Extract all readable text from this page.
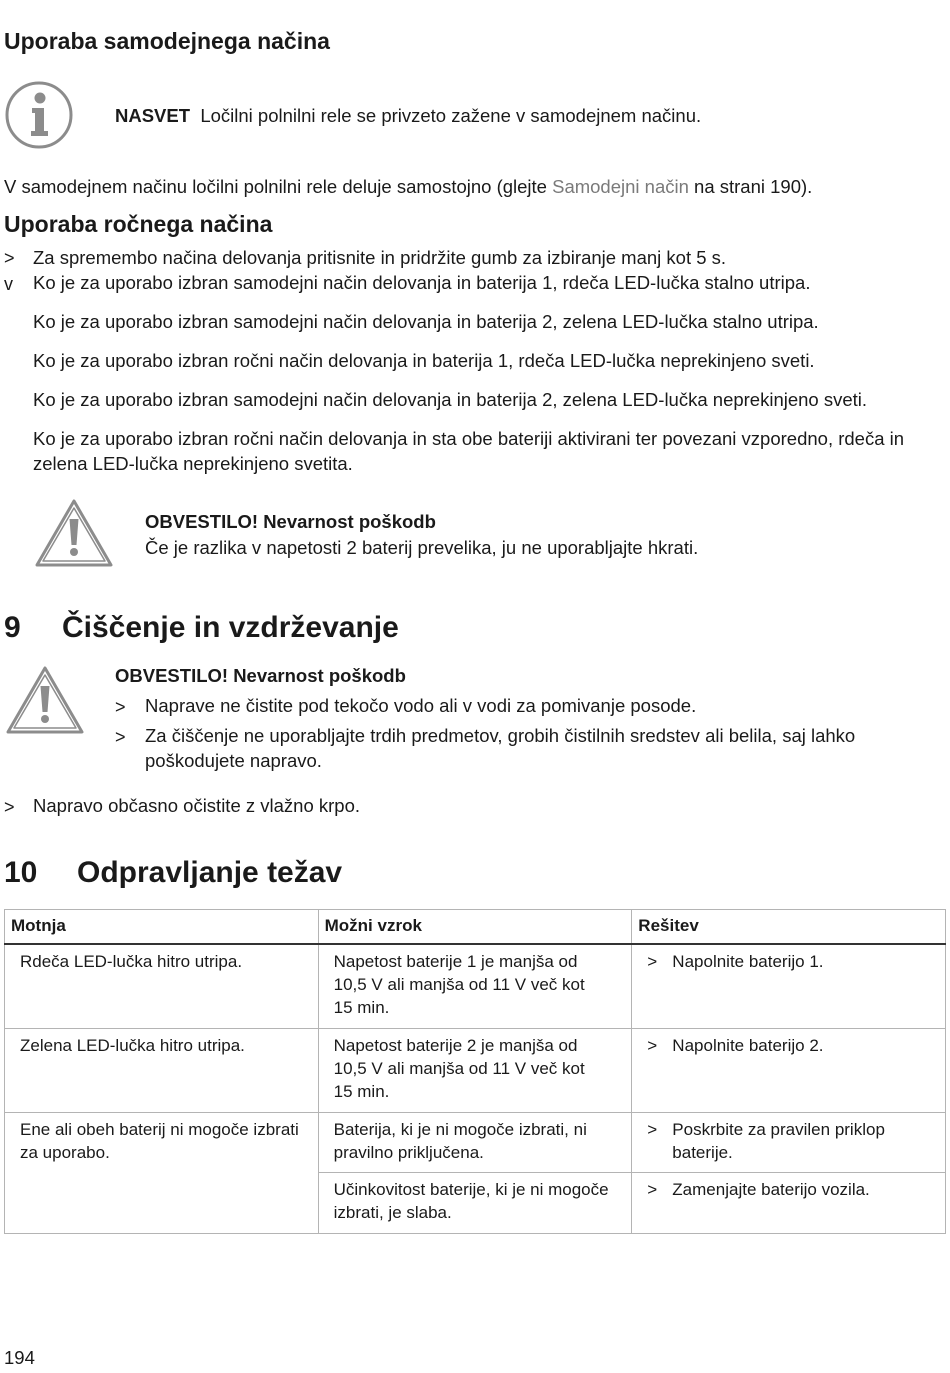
Uporaba samodejnega načina
NASVET Ločilni polnilni rele se privzeto zažene v samodejnem načinu.
V samodejnem načinu ločilni polnilni rele deluje samostojno (glejte Samodejni način na strani 190).
Uporaba ročnega načina
> Za spremembo načina delovanja pritisnite in pridržite gumb za izbiranje manj kot 5 s.
v Ko je za uporabo izbran samodejni način delovanja in baterija 1, rdeča LED-lučka stalno utripa.
Ko je za uporabo izbran samodejni način delovanja in baterija 2, zelena LED-lučka stalno utripa.
Ko je za uporabo izbran ročni način delovanja in baterija 1, rdeča LED-lučka neprekinjeno sveti.
Ko je za uporabo izbran samodejni način delovanja in baterija 2, zelena LED-lučka neprekinjeno sveti.
Ko je za uporabo izbran ročni način delovanja in sta obe bateriji aktivirani ter povezani vzporedno, rdeča in zelena LED-lučka neprekinjeno svetita.
OBVESTILO! Nevarnost poškodb
Če je razlika v napetosti 2 baterij prevelika, ju ne uporabljajte hkrati.
9 Čiščenje in vzdrževanje
OBVESTILO! Nevarnost poškodb
> Naprave ne čistite pod tekočo vodo ali v vodi za pomivanje posode.
> Za čiščenje ne uporabljajte trdih predmetov, grobih čistilnih sredstev ali belila, saj lahko poškodujete napravo.
> Napravo občasno očistite z vlažno krpo.
10 Odpravljanje težav
Motnja	Možni vzrok	Rešitev
Rdeča LED-lučka hitro utripa.	Napetost baterije 1 je manjša od 10,5 V ali manjša od 11 V več kot 15 min.	> Napolnite baterijo 1.

Zelena LED-lučka hitro utripa.	Napetost baterije 2 je manjša od 10,5 V ali manjša od 11 V več kot 15 min.	> Napolnite baterijo 2.

Ene ali obeh baterij ni mogoče izbrati za uporabo.	Baterija, ki je ni mogoče izbrati, ni pravilno priključena.	> Poskrbite za pravilen priklop baterije.

	Učinkovitost baterije, ki je ni mogoče izbrati, je slaba.	> Zamenjajte baterijo vozila.
194
